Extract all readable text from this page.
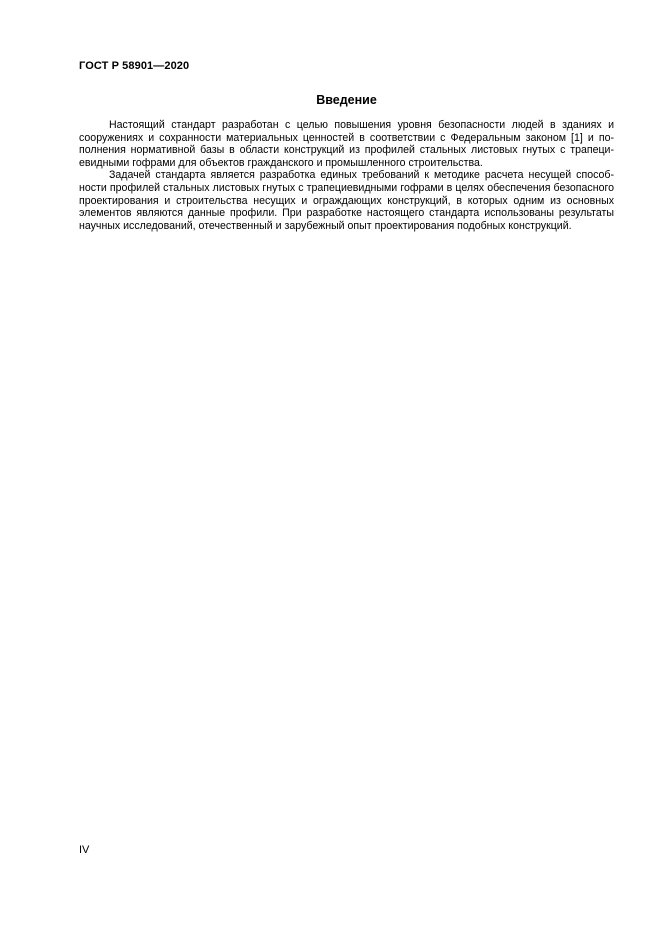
ГОСТ Р 58901—2020
Введение

Настоящий стандарт разработан с целью повышения уровня безопасности людей в зданиях и сооружениях и сохранности материальных ценностей в соответствии с Федеральным законом [1] и пополнения нормативной базы в области конструкций из профилей стальных листовых гнутых с трапециевидными гофрами для объектов гражданского и промышленного строительства.

Задачей стандарта является разработка единых требований к методике расчета несущей способности профилей стальных листовых гнутых с трапециевидными гофрами в целях обеспечения безопасного проектирования и строительства несущих и ограждающих конструкций, в которых одним из основных элементов являются данные профили. При разработке настоящего стандарта использованы результаты научных исследований, отечественный и зарубежный опыт проектирования подобных конструкций.

IV
